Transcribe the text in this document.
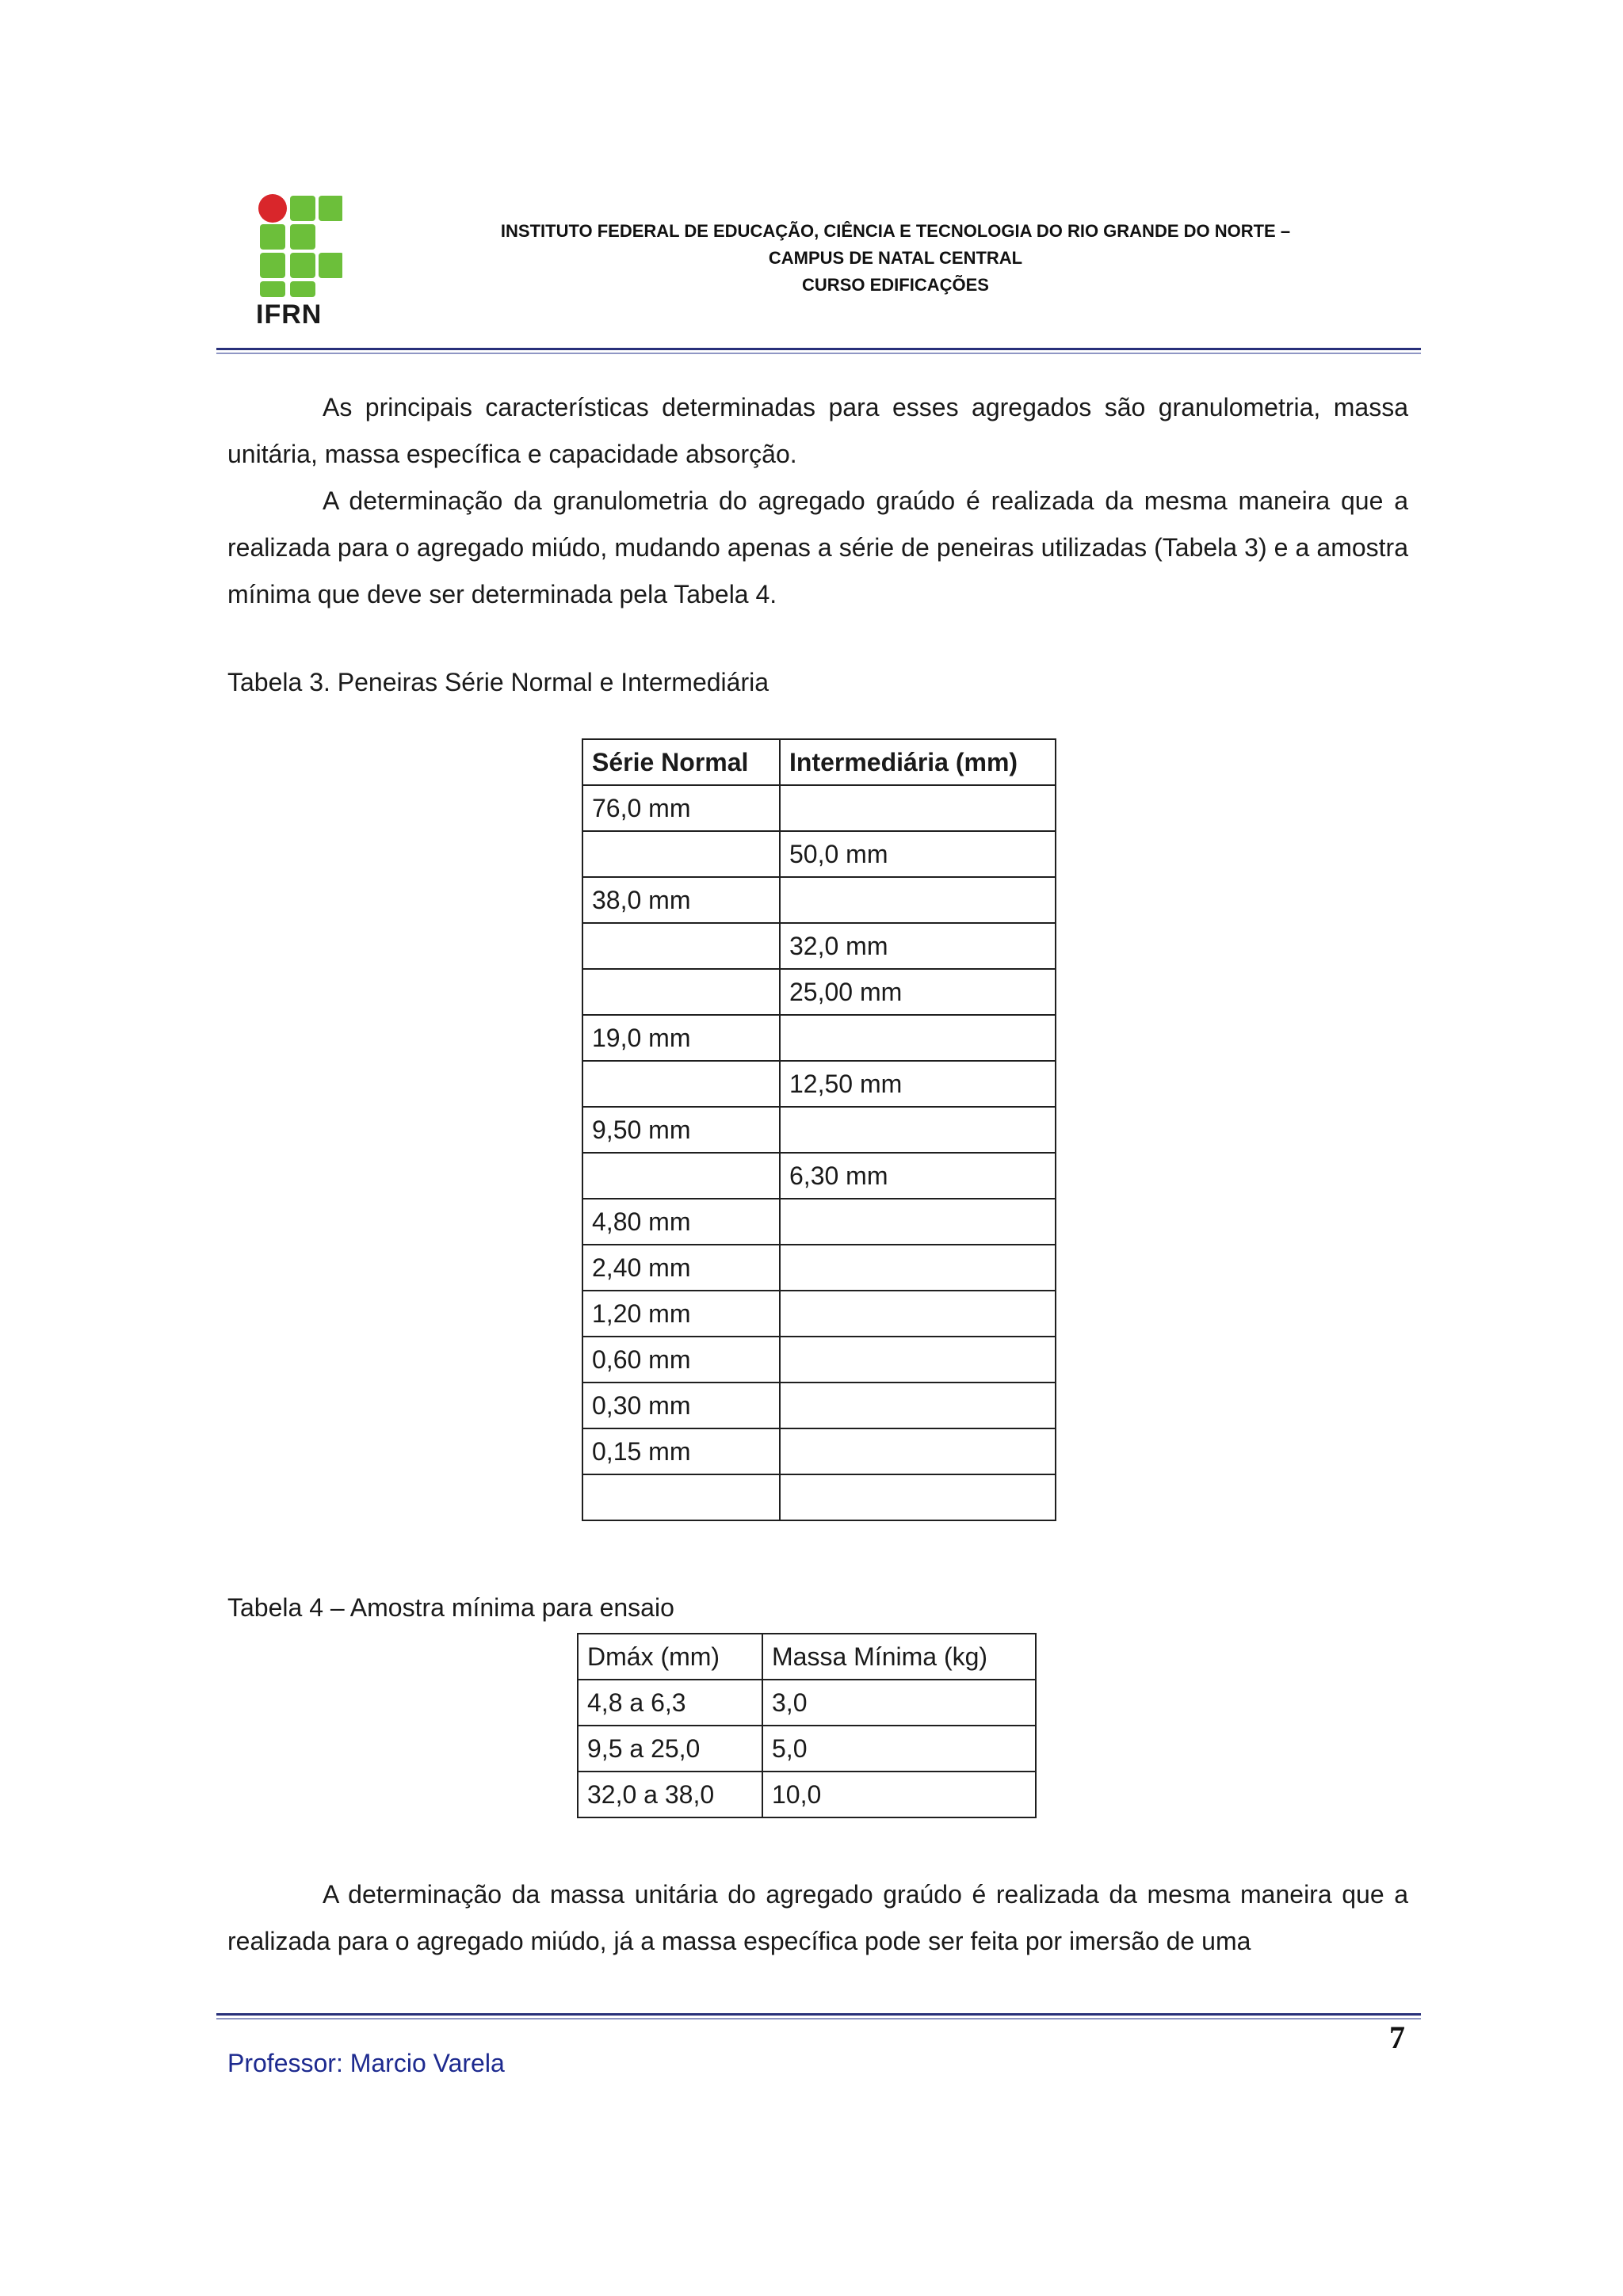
IFRN
INSTITUTO FEDERAL DE EDUCAÇÃO, CIÊNCIA E TECNOLOGIA DO RIO GRANDE DO NORTE –
CAMPUS DE NATAL CENTRAL
CURSO EDIFICAÇÕES
As principais características determinadas para esses agregados são granulometria, massa unitária, massa específica e capacidade absorção.
A determinação da granulometria do agregado graúdo é realizada da mesma maneira que a realizada para o agregado miúdo, mudando apenas a série de peneiras utilizadas (Tabela 3) e a amostra mínima que deve ser determinada pela Tabela 4.
Tabela 3. Peneiras Série Normal e Intermediária
Série Normal	Intermediária (mm)
76,0 mm	
	50,0 mm
38,0 mm	
	32,0 mm
	25,00 mm
19,0 mm	
	12,50 mm
9,50 mm	
	6,30 mm
4,80 mm	
2,40 mm	
1,20 mm	
0,60 mm	
0,30 mm	
0,15 mm	

Tabela 4 – Amostra mínima para ensaio
Dmáx (mm)	Massa Mínima (kg)
4,8 a 6,3	3,0
9,5 a 25,0	5,0
32,0 a 38,0	10,0
A determinação da massa unitária do agregado graúdo é realizada da mesma maneira que a realizada para o agregado miúdo, já a massa específica pode ser feita por imersão de uma
7
Professor: Marcio Varela
